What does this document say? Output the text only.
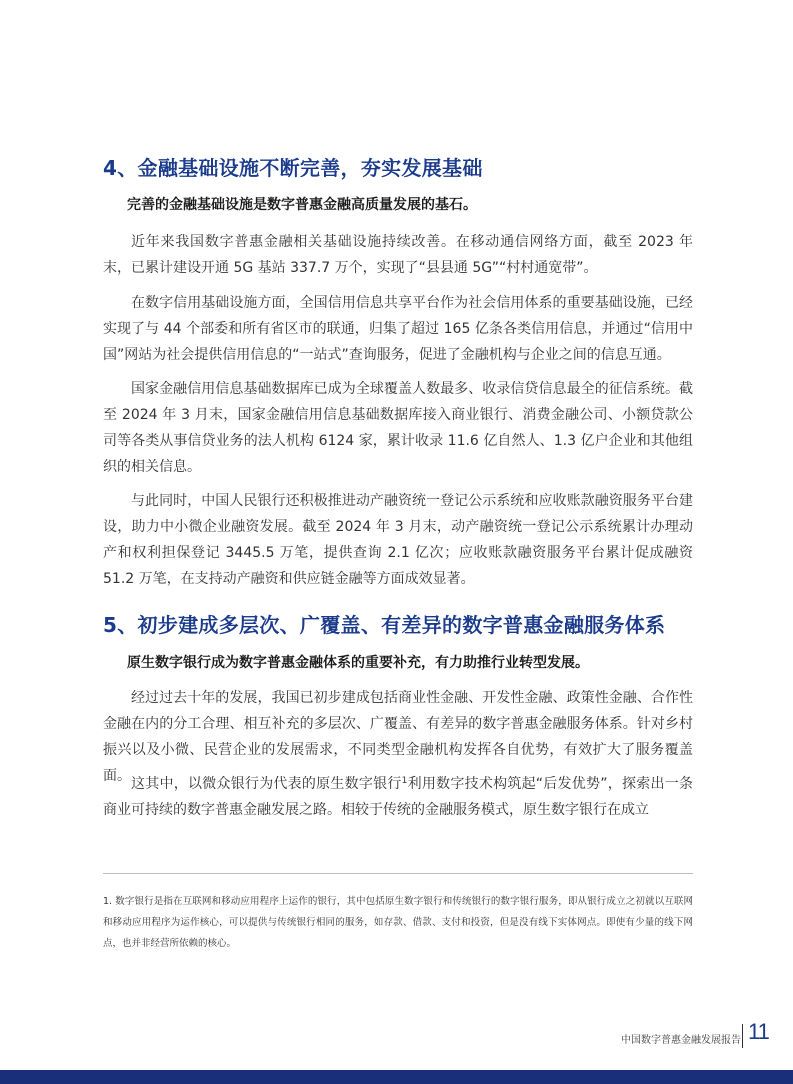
4、金融基础设施不断完善，夯实发展基础
完善的金融基础设施是数字普惠金融高质量发展的基石。

近年来我国数字普惠金融相关基础设施持续改善。在移动通信网络方面，截至 2023 年末，已累计建设开通 5G 基站 337.7 万个，实现了“县县通 5G”“村村通宽带”。

在数字信用基础设施方面，全国信用信息共享平台作为社会信用体系的重要基础设施，已经实现了与 44 个部委和所有省区市的联通，归集了超过 165 亿条各类信用信息，并通过“信用中国”网站为社会提供信用信息的“一站式”查询服务，促进了金融机构与企业之间的信息互通。

国家金融信用信息基础数据库已成为全球覆盖人数最多、收录信贷信息最全的征信系统。截至 2024 年 3 月末，国家金融信用信息基础数据库接入商业银行、消费金融公司、小额贷款公司等各类从事信贷业务的法人机构 6124 家，累计收录 11.6 亿自然人、1.3 亿户企业和其他组织的相关信息。

与此同时，中国人民银行还积极推进动产融资统一登记公示系统和应收账款融资服务平台建设，助力中小微企业融资发展。截至 2024 年 3 月末，动产融资统一登记公示系统累计办理动产和权利担保登记 3445.5 万笔，提供查询 2.1 亿次；应收账款融资服务平台累计促成融资 51.2 万笔，在支持动产融资和供应链金融等方面成效显著。

5、初步建成多层次、广覆盖、有差异的数字普惠金融服务体系
原生数字银行成为数字普惠金融体系的重要补充，有力助推行业转型发展。

经过过去十年的发展，我国已初步建成包括商业性金融、开发性金融、政策性金融、合作性金融在内的分工合理、相互补充的多层次、广覆盖、有差异的数字普惠金融服务体系。针对乡村振兴以及小微、民营企业的发展需求，不同类型金融机构发挥各自优势，有效扩大了服务覆盖面。 这其中，以微众银行为代表的原生数字银行$^1$利用数字技术构筑起“后发优势”，探索出一条商业可持续的数字普惠金融发展之路。相较于传统的金融服务模式，原生数字银行在成立

1. 数字银行是指在互联网和移动应用程序上运作的银行，其中包括原生数字银行和传统银行的数字银行服务，即从银行成立之初就以互联网和移动应用程序为运作核心，可以提供与传统银行相同的服务，如存款、借款、支付和投资，但是没有线下实体网点。即使有少量的线下网点，也并非经营所依赖的核心。

中国数字普惠金融发展报告 11
